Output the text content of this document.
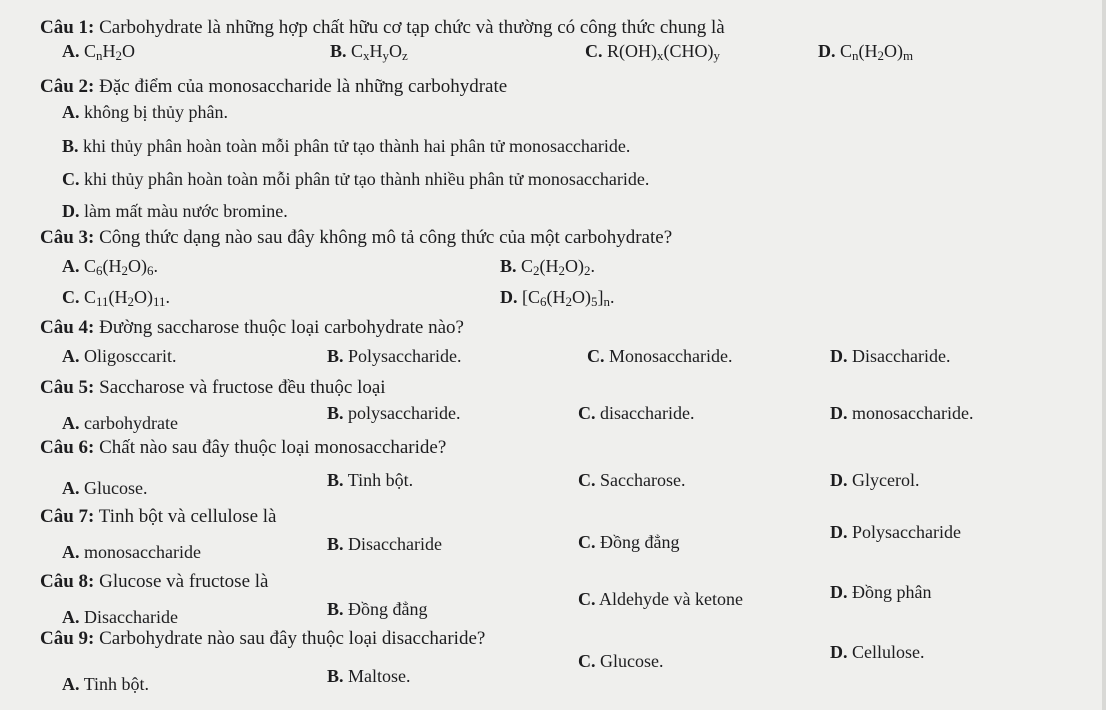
Câu 1: Carbohydrate là những hợp chất hữu cơ tạp chức và thường có công thức chung là
A. $C_nH_2O$	B. $C_xH_yO_z$	C. $R(OH)_x(CHO)_y$	D. $C_n(H_2O)_m$
Câu 2: Đặc điểm của monosaccharide là những carbohydrate
A. không bị thủy phân.
B. khi thủy phân hoàn toàn mỗi phân tử tạo thành hai phân tử monosaccharide.
C. khi thủy phân hoàn toàn mỗi phân tử tạo thành nhiều phân tử monosaccharide.
D. làm mất màu nước bromine.
Câu 3: Công thức dạng nào sau đây không mô tả công thức của một carbohydrate?
A. $C_6(H_2O)_6$.	B. $C_2(H_2O)_2$.
C. $C_{11}(H_2O)_{11}$.	D. $[C_6(H_2O)_5]_n$.
Câu 4: Đường saccharose thuộc loại carbohydrate nào?
A. Oligosccarit.	B. Polysaccharide.	C. Monosaccharide.	D. Disaccharide.
Câu 5: Saccharose và fructose đều thuộc loại
A. carbohydrate	B. polysaccharide.	C. disaccharide.	D. monosaccharide.
Câu 6: Chất nào sau đây thuộc loại monosaccharide?
A. Glucose.	B. Tinh bột.	C. Saccharose.	D. Glycerol.
Câu 7: Tinh bột và cellulose là
A. monosaccharide	B. Disaccharide	C. Đồng đẳng	D. Polysaccharide
Câu 8: Glucose và fructose là
A. Disaccharide	B. Đồng đẳng	C. Aldehyde và ketone	D. Đồng phân
Câu 9: Carbohydrate nào sau đây thuộc loại disaccharide?
A. Tinh bột.	B. Maltose.
C. Glucose.	D. Cellulose.
